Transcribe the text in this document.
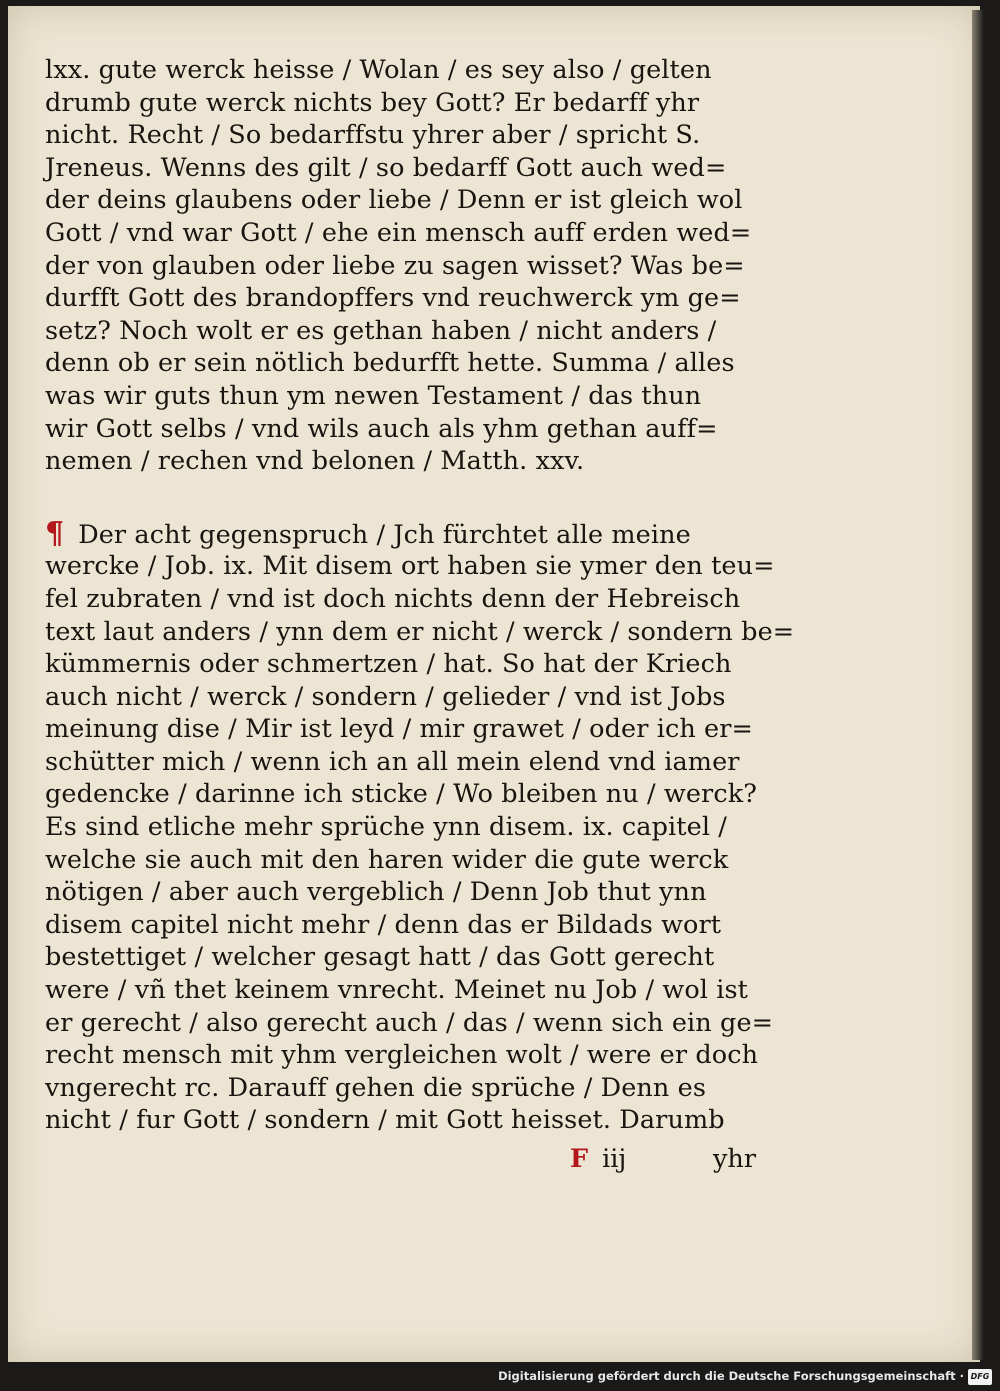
lxx. gute werck heisse / Wolan / es sey also / gelten
drumb gute werck nichts bey Gott? Er bedarff yhr
nicht. Recht / So bedarffstu yhrer aber / spricht S.
Jreneus. Wenns des gilt / so bedarff Gott auch wed=
der deins glaubens oder liebe / Denn er ist gleich wol
Gott / vnd war Gott / ehe ein mensch auff erden wed=
der von glauben oder liebe zu sagen wisset? Was be=
durfft Gott des brandopffers vnd reuchwerck ym ge=
setz? Noch wolt er es gethan haben / nicht anders /
denn ob er sein nötlich bedurfft hette. Summa / alles
was wir guts thun ym newen Testament / das thun
wir Gott selbs / vnd wils auch als yhm gethan auff=
nemen / rechen vnd belonen / Matth. xxv.
¶ Der acht gegenspruch / Jch fürchtet alle meine
wercke / Job. ix. Mit disem ort haben sie ymer den teu=
fel zubraten / vnd ist doch nichts denn der Hebreisch
text laut anders / ynn dem er nicht / werck / sondern be=
kümmernis oder schmertzen / hat. So hat der Kriech
auch nicht / werck / sondern / gelieder / vnd ist Jobs
meinung dise / Mir ist leyd / mir grawet / oder ich er=
schütter mich / wenn ich an all mein elend vnd iamer
gedencke / darinne ich sticke / Wo bleiben nu / werck?
Es sind etliche mehr sprüche ynn disem. ix. capitel /
welche sie auch mit den haren wider die gute werck
nötigen / aber auch vergeblich / Denn Job thut ynn
disem capitel nicht mehr / denn das er Bildads wort
bestettiget / welcher gesagt hatt / das Gott gerecht
were / vñ thet keinem vnrecht. Meinet nu Job / wol ist
er gerecht / also gerecht auch / das / wenn sich ein ge=
recht mensch mit yhm vergleichen wolt / were er doch
vngerecht rc. Darauff gehen die sprüche / Denn es
nicht / fur Gott / sondern / mit Gott heisset. Darumb
F iij	yhr
Digitalisierung gefördert durch die Deutsche Forschungsgemeinschaft · DFG
